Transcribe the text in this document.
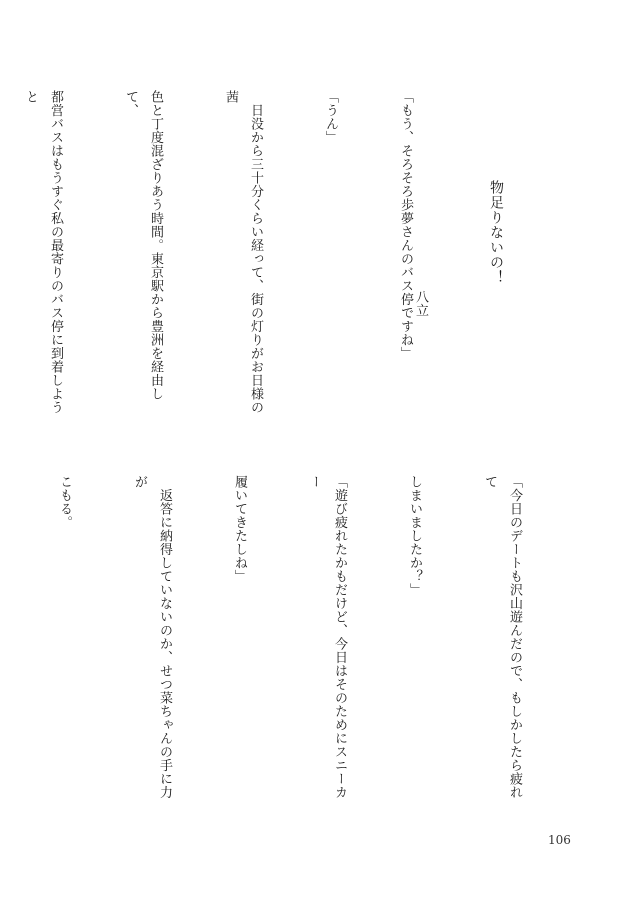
物足りないの！

八立

「もう、そろそろ歩夢さんのバス停ですね」

「うん」

　日没から三十分くらい経って、街の灯りがお日様の茜

色と丁度混ざりあう時間。東京駅から豊洲を経由して、

都営バスはもうすぐ私の最寄りのバス停に到着しようと

「今日のデートも沢山遊んだので、もしかしたら疲れて

しまいましたか？」

「遊び疲れたかもだけど、今日はそのためにスニーカー

履いてきたしね」

　返答に納得していないのか、せつ菜ちゃんの手に力が

こもる。

106
